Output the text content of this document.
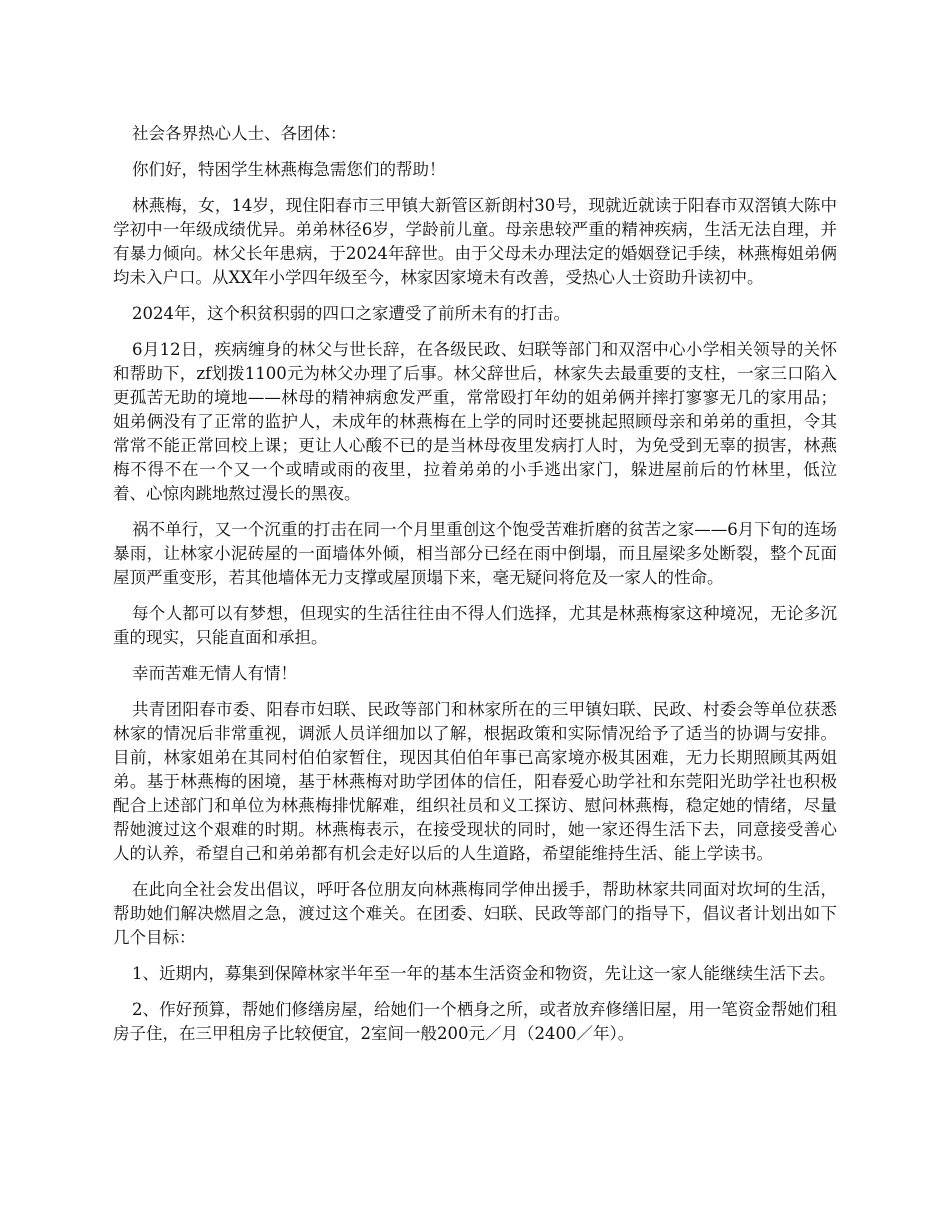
社会各界热心人士、各团体：

你们好，特困学生林燕梅急需您们的帮助！

林燕梅，女，14岁，现住阳春市三甲镇大新管区新朗村30号，现就近就读于阳春市双滘镇大陈中学初中一年级成绩优异。弟弟林径6岁，学龄前儿童。母亲患较严重的精神疾病，生活无法自理，并有暴力倾向。林父长年患病，于2024年辞世。由于父母未办理法定的婚姻登记手续，林燕梅姐弟俩均未入户口。从XX年小学四年级至今，林家因家境未有改善，受热心人士资助升读初中。

2024年，这个积贫积弱的四口之家遭受了前所未有的打击。

6月12日，疾病缠身的林父与世长辞，在各级民政、妇联等部门和双滘中心小学相关领导的关怀和帮助下，zf划拨1100元为林父办理了后事。林父辞世后，林家失去最重要的支柱，一家三口陷入更孤苦无助的境地——林母的精神病愈发严重，常常殴打年幼的姐弟俩并摔打寥寥无几的家用品；姐弟俩没有了正常的监护人，未成年的林燕梅在上学的同时还要挑起照顾母亲和弟弟的重担，令其常常不能正常回校上课；更让人心酸不已的是当林母夜里发病打人时，为免受到无辜的损害，林燕梅不得不在一个又一个或晴或雨的夜里，拉着弟弟的小手逃出家门，躲进屋前后的竹林里，低泣着、心惊肉跳地熬过漫长的黑夜。

祸不单行，又一个沉重的打击在同一个月里重创这个饱受苦难折磨的贫苦之家——6月下旬的连场暴雨，让林家小泥砖屋的一面墙体外倾，相当部分已经在雨中倒塌，而且屋梁多处断裂，整个瓦面屋顶严重变形，若其他墙体无力支撑或屋顶塌下来，毫无疑问将危及一家人的性命。

每个人都可以有梦想，但现实的生活往往由不得人们选择，尤其是林燕梅家这种境况，无论多沉重的现实，只能直面和承担。

幸而苦难无情人有情！

共青团阳春市委、阳春市妇联、民政等部门和林家所在的三甲镇妇联、民政、村委会等单位获悉林家的情况后非常重视，调派人员详细加以了解，根据政策和实际情况给予了适当的协调与安排。目前，林家姐弟在其同村伯伯家暂住，现因其伯伯年事已高家境亦极其困难，无力长期照顾其两姐弟。基于林燕梅的困境，基于林燕梅对助学团体的信任，阳春爱心助学社和东莞阳光助学社也积极配合上述部门和单位为林燕梅排忧解难，组织社员和义工探访、慰问林燕梅，稳定她的情绪，尽量帮她渡过这个艰难的时期。林燕梅表示，在接受现状的同时，她一家还得生活下去，同意接受善心人的认养，希望自己和弟弟都有机会走好以后的人生道路，希望能维持生活、能上学读书。

在此向全社会发出倡议，呼吁各位朋友向林燕梅同学伸出援手，帮助林家共同面对坎坷的生活，帮助她们解决燃眉之急，渡过这个难关。在团委、妇联、民政等部门的指导下，倡议者计划出如下几个目标：

1、近期内，募集到保障林家半年至一年的基本生活资金和物资，先让这一家人能继续生活下去。

2、作好预算，帮她们修缮房屋，给她们一个栖身之所，或者放弃修缮旧屋，用一笔资金帮她们租房子住，在三甲租房子比较便宜，2室间一般200元／月（2400／年）。
